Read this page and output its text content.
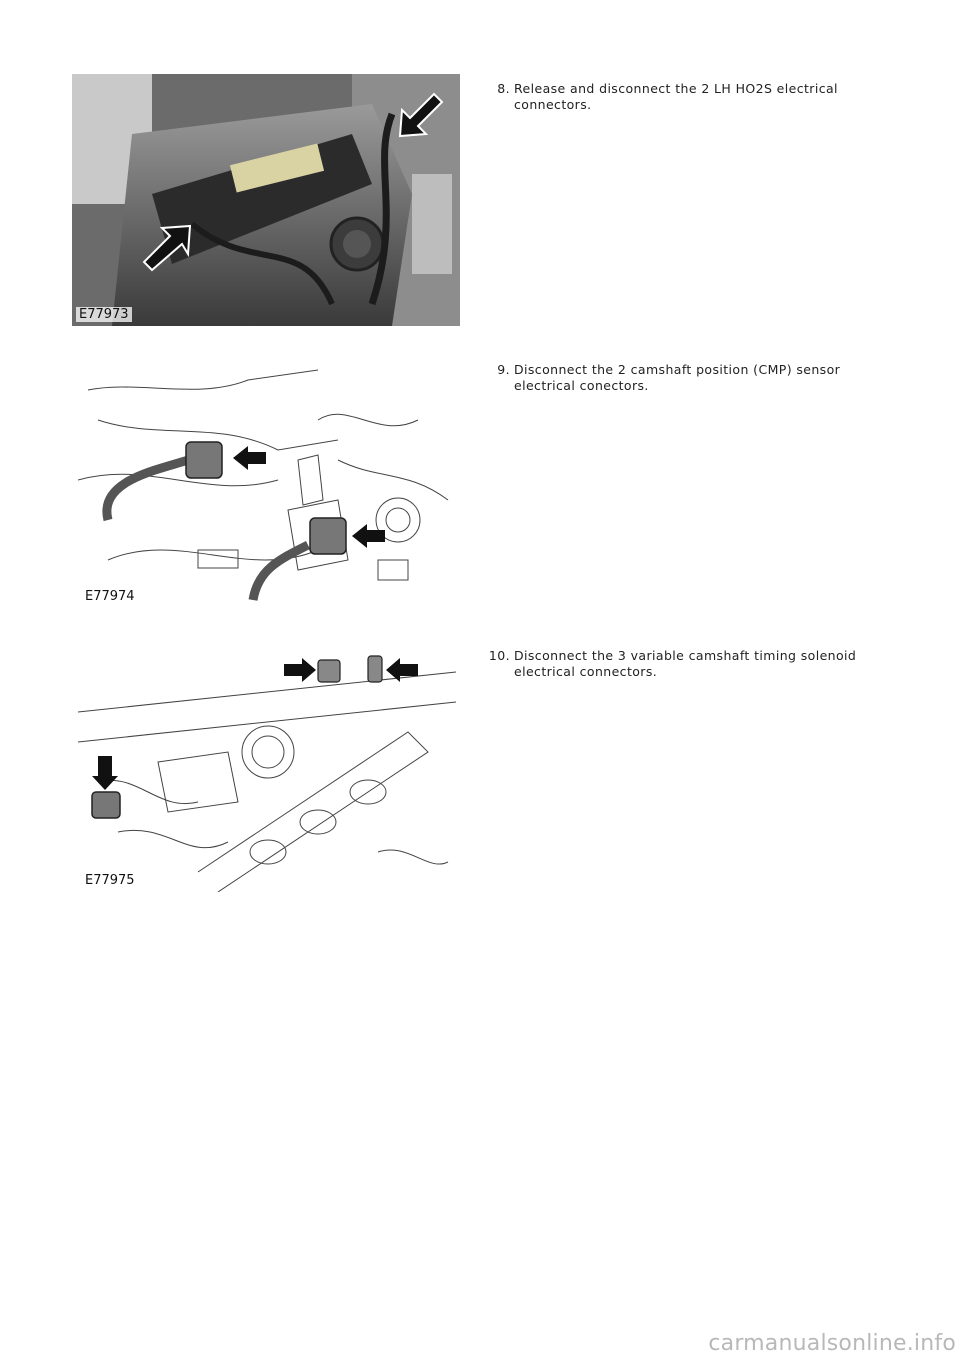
E77973
8. Release and disconnect the 2 LH HO2S electrical connectors.
E77974
9. Disconnect the 2 camshaft position (CMP) sensor electrical conectors.
E77975
10. Disconnect the 3 variable camshaft timing solenoid electrical connectors.
carmanualsonline.info
